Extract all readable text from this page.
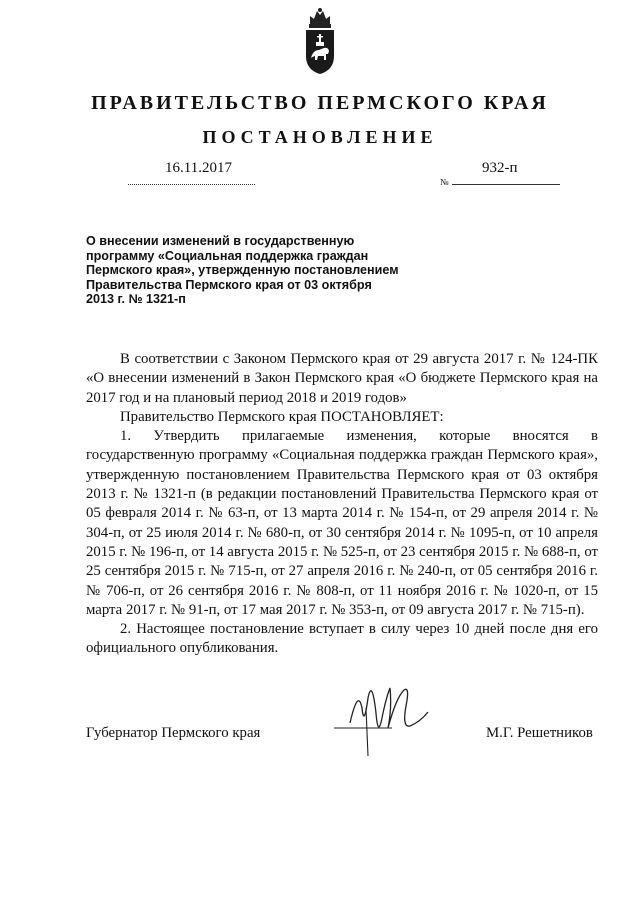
ПРАВИТЕЛЬСТВО ПЕРМСКОГО КРАЯ
ПОСТАНОВЛЕНИЕ
16.11.2017
№
932-п
О внесении изменений в государственную
программу «Социальная поддержка граждан
Пермского края», утвержденную постановлением
Правительства Пермского края от 03 октября
2013 г. № 1321-п

В соответствии с Законом Пермского края от 29 августа 2017 г. № 124-ПК «О внесении изменений в Закон Пермского края «О бюджете Пермского края на 2017 год и на плановый период 2018 и 2019 годов»

Правительство Пермского края ПОСТАНОВЛЯЕТ:

1. Утвердить прилагаемые изменения, которые вносятся в государственную программу «Социальная поддержка граждан Пермского края», утвержденную постановлением Правительства Пермского края от 03 октября 2013 г. № 1321-п (в редакции постановлений Правительства Пермского края от 05 февраля 2014 г. № 63-п, от 13 марта 2014 г. № 154-п, от 29 апреля 2014 г. № 304-п, от 25 июля 2014 г. № 680-п, от 30 сентября 2014 г. № 1095-п, от 10 апреля 2015 г. № 196-п, от 14 августа 2015 г. № 525-п, от 23 сентября 2015 г. № 688-п, от 25 сентября 2015 г. № 715-п, от 27 апреля 2016 г. № 240-п, от 05 сентября 2016 г. № 706-п, от 26 сентября 2016 г. № 808-п, от 11 ноября 2016 г. № 1020-п, от 15 марта 2017 г. № 91-п, от 17 мая 2017 г. № 353-п, от 09 августа 2017 г. № 715-п).

2. Настоящее постановление вступает в силу через 10 дней после дня его официального опубликования.

Губернатор Пермского края	М.Г. Решетников
